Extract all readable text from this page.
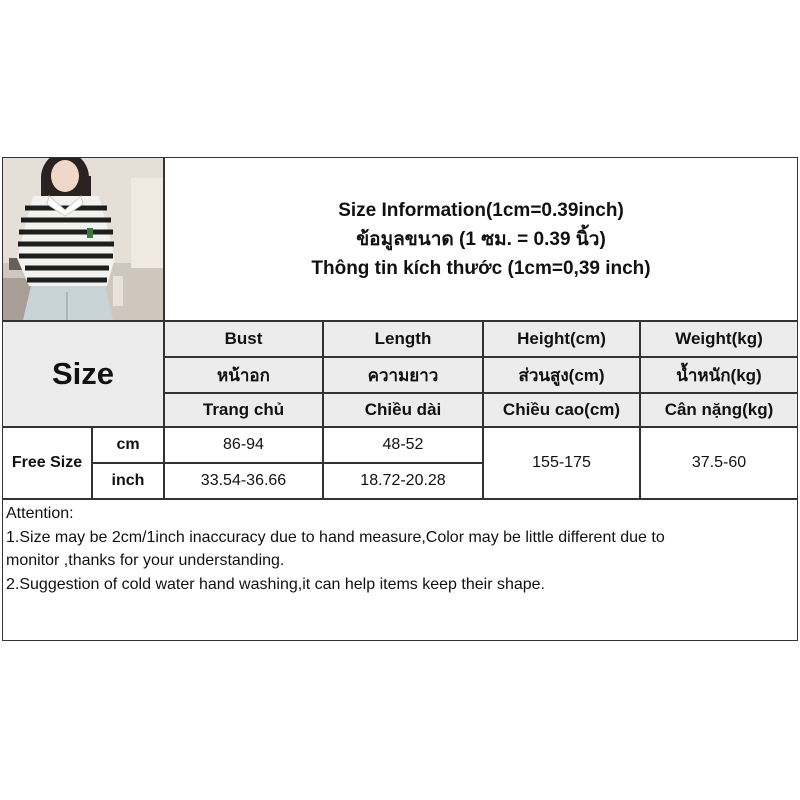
Size Information(1cm=0.39inch)
ข้อมูลขนาด (1 ซม. = 0.39 นิ้ว)
Thông tin kích thước (1cm=0,39 inch)
Size
Bust
หน้าอก
Trang chủ
Length
ความยาว
Chiều dài
Height(cm)
ส่วนสูง(cm)
Chiều cao(cm)
Weight(kg)
น้ำหนัก(kg)
Cân nặng(kg)
Free Size
cm
inch
86-94
33.54-36.66
48-52
18.72-20.28
155-175	37.5-60
Attention:
1.Size may be 2cm/1inch inaccuracy due to hand measure,Color may be little different due to
monitor ,thanks for your understanding.
2.Suggestion of cold water hand washing,it can help items keep their shape.
